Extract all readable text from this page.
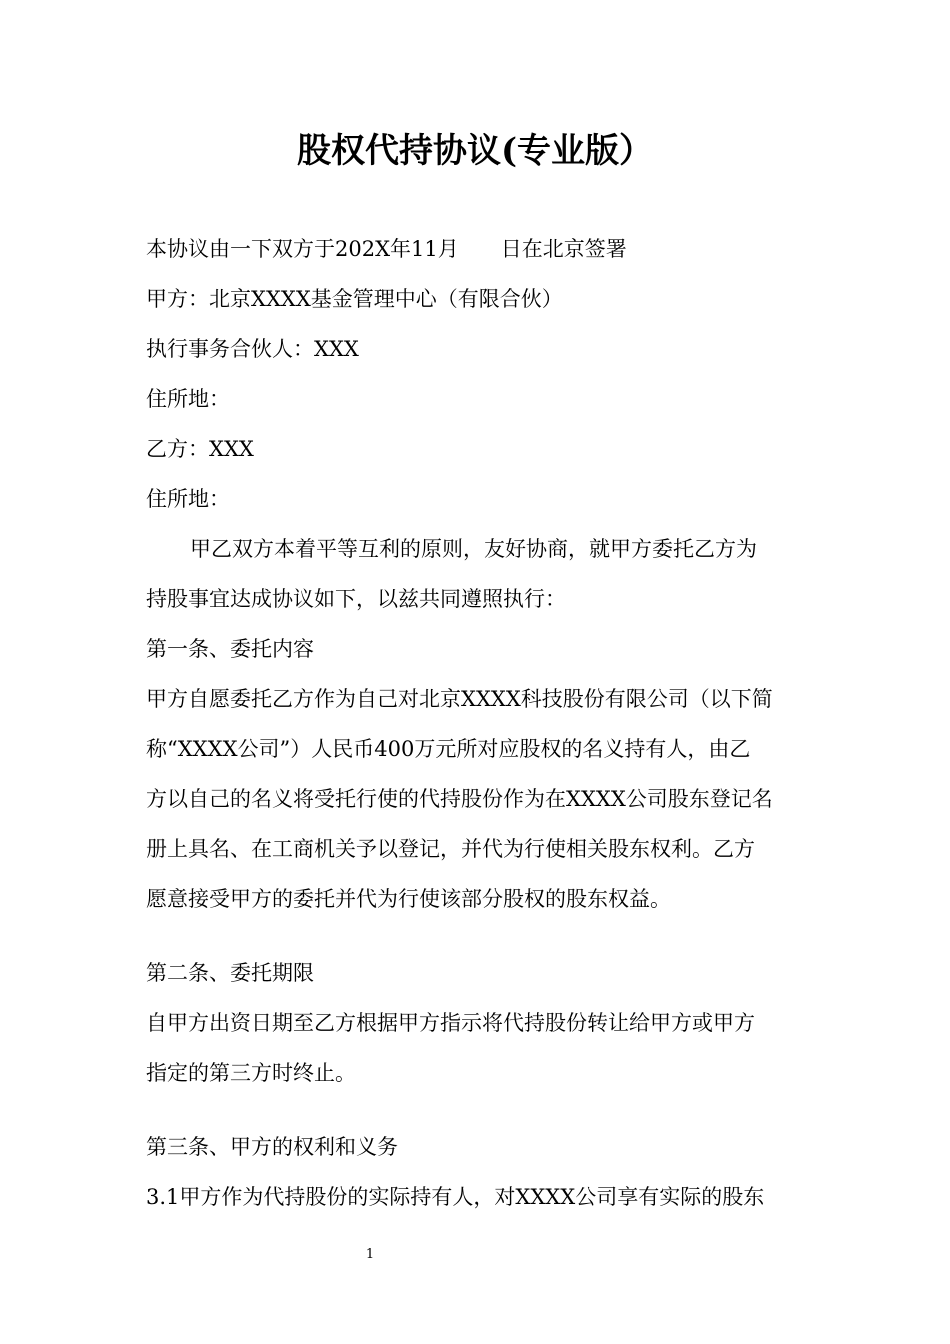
股权代持协议(专业版）

本协议由一下双方于202X年11月　　日在北京签署

甲方：北京XXXX基金管理中心（有限合伙）

执行事务合伙人：XXX

住所地：

乙方：XXX

住所地：

甲乙双方本着平等互利的原则，友好协商，就甲方委托乙方为

持股事宜达成协议如下，以兹共同遵照执行：

第一条、委托内容

甲方自愿委托乙方作为自己对北京XXXX科技股份有限公司（以下简

称“XXXX公司”）人民币400万元所对应股权的名义持有人，由乙

方以自己的名义将受托行使的代持股份作为在XXXX公司股东登记名

册上具名、在工商机关予以登记，并代为行使相关股东权利。乙方

愿意接受甲方的委托并代为行使该部分股权的股东权益。

第二条、委托期限

自甲方出资日期至乙方根据甲方指示将代持股份转让给甲方或甲方

指定的第三方时终止。

第三条、甲方的权利和义务

3.1甲方作为代持股份的实际持有人，对XXXX公司享有实际的股东

1
